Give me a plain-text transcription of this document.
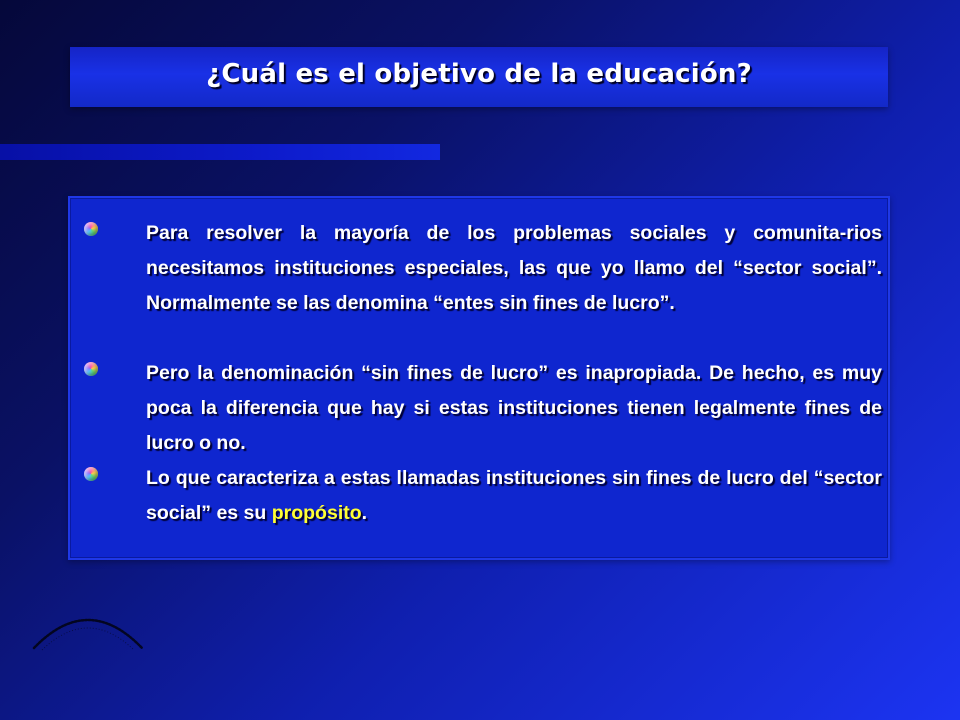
¿Cuál es el objetivo de la educación?
Para resolver la mayoría de los problemas sociales y comunita-rios necesitamos instituciones especiales, las que yo llamo del “sector social”. Normalmente se las denomina “entes sin fines de lucro”.
Pero la denominación “sin fines de lucro” es inapropiada. De hecho, es muy poca la diferencia que hay si estas instituciones tienen legalmente fines de lucro o no.
Lo que caracteriza a estas llamadas instituciones sin fines de lucro del “sector social” es su propósito.
